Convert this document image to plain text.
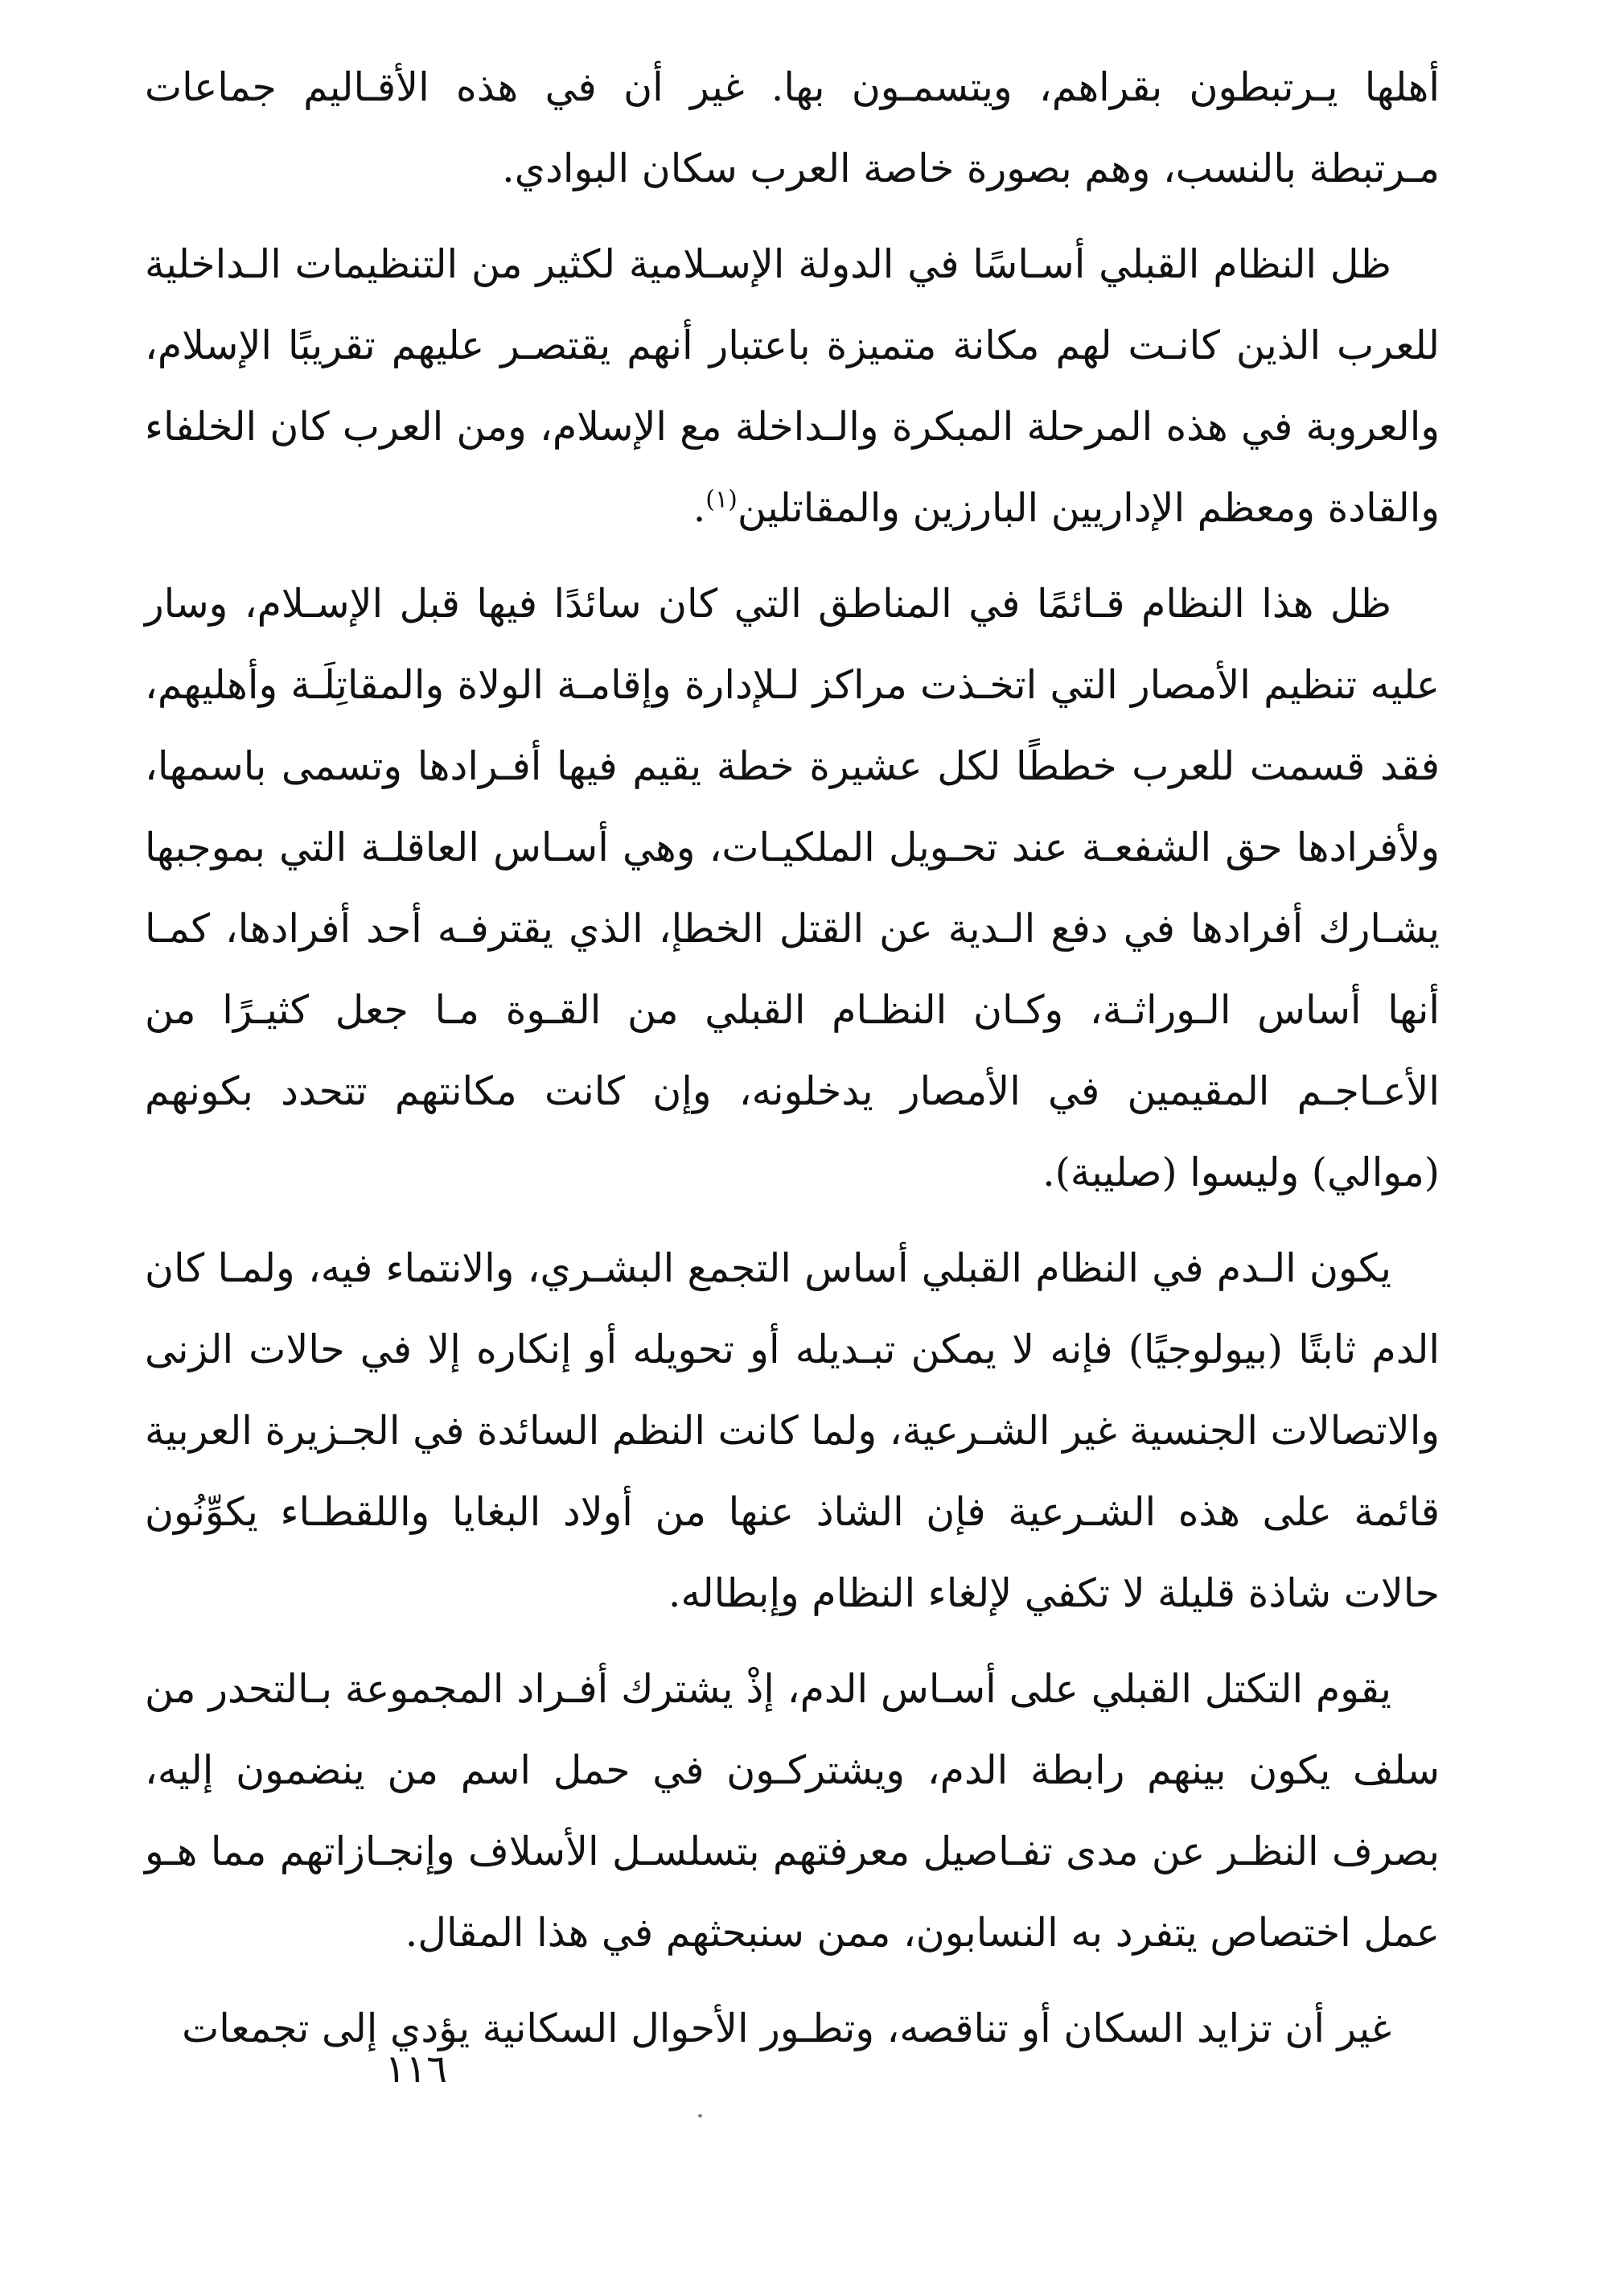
أهلها يـرتبطون بقراهم، ويتسمـون بها. غير أن في هذه الأقـاليم جماعات مـرتبطة بالنسب، وهم بصورة خاصة العرب سكان البوادي.

ظل النظام القبلي أسـاسًا في الدولة الإسـلامية لكثير من التنظيمات الـداخلية للعرب الذين كانـت لهم مكانة متميزة باعتبار أنهم يقتصـر عليهم تقريبًا الإسلام، والعروبة في هذه المرحلة المبكرة والـداخلة مع الإسلام، ومن العرب كان الخلفاء والقادة ومعظم الإداريين البارزين والمقاتلين$^{(١)}$.

ظل هذا النظام قـائمًا في المناطق التي كان سائدًا فيها قبل الإسـلام، وسار عليه تنظيم الأمصار التي اتخـذت مراكز لـلإدارة وإقامـة الولاة والمقاتِلَـة وأهليهم، فقد قسمت للعرب خططًا لكل عشيرة خطة يقيم فيها أفـرادها وتسمى باسمها، ولأفرادها حق الشفعـة عند تحـويل الملكيـات، وهي أسـاس العاقلـة التي بموجبها يشـارك أفرادها في دفع الـدية عن القتل الخطإ، الذي يقترفـه أحد أفرادها، كمـا أنها أساس الـوراثـة، وكـان النظـام القبلي من القـوة مـا جعل كثيـرًا من الأعـاجـم المقيمين في الأمصار يدخلونه، وإن كانت مكانتهم تتحدد بكونهم (موالي) وليسوا (صليبة).

يكون الـدم في النظام القبلي أساس التجمع البشـري، والانتماء فيه، ولمـا كان الدم ثابتًا (بيولوجيًا) فإنه لا يمكن تبـديله أو تحويله أو إنكاره إلا في حالات الزنى والاتصالات الجنسية غير الشـرعية، ولما كانت النظم السائدة في الجـزيرة العربية قائمة على هذه الشـرعية فإن الشاذ عنها من أولاد البغايا واللقطـاء يكوِّنُون حالات شاذة قليلة لا تكفي لإلغاء النظام وإبطاله.

يقوم التكتل القبلي على أسـاس الدم، إذْ يشترك أفـراد المجموعة بـالتحدر من سلف يكون بينهم رابطة الدم، ويشتركـون في حمل اسم من ينضمون إليه، بصرف النظـر عن مدى تفـاصيل معرفتهم بتسلسـل الأسلاف وإنجـازاتهم مما هـو عمل اختصاص يتفرد به النسابون، ممن سنبحثهم في هذا المقال.

غير أن تزايد السكان أو تناقصه، وتطـور الأحوال السكانية يؤدي إلى تجمعات

١١٦
